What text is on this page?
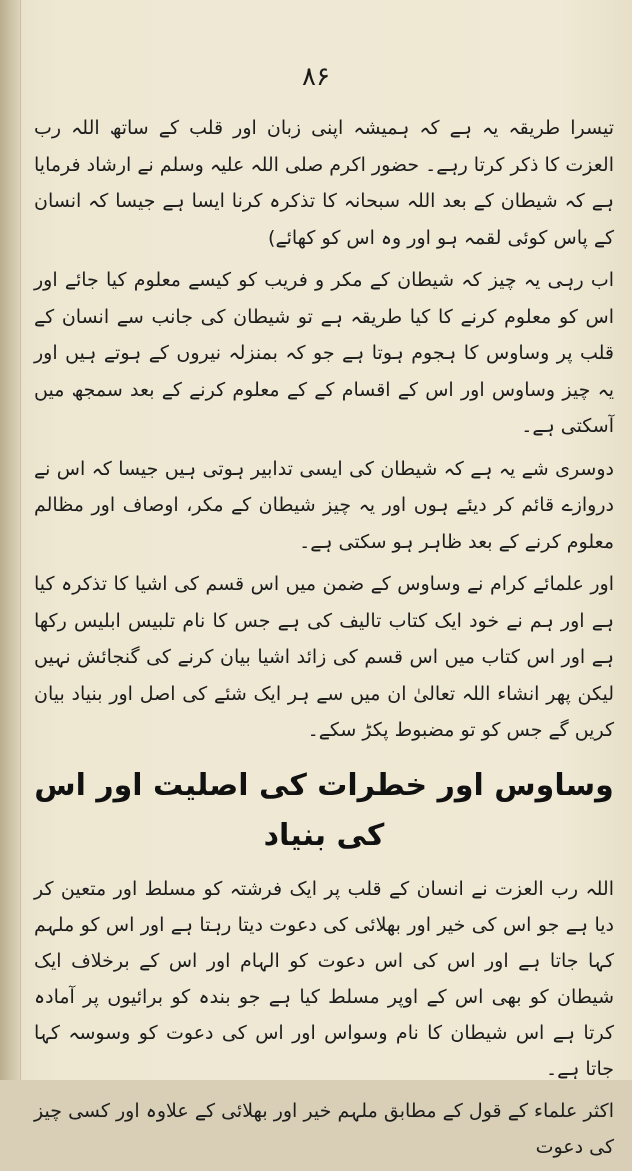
۸۶

تیسرا طریقہ یہ ہے کہ ہمیشہ اپنی زبان اور قلب کے ساتھ اللہ رب العزت کا ذکر کرتا رہے۔ حضور اکرم صلی اللہ علیہ وسلم نے ارشاد فرمایا ہے کہ شیطان کے بعد اللہ سبحانہ کا تذکرہ کرنا ایسا ہے جیسا کہ انسان کے پاس کوئی لقمہ ہو اور وہ اس کو کھائے)

اب رہی یہ چیز کہ شیطان کے مکر و فریب کو کیسے معلوم کیا جائے اور اس کو معلوم کرنے کا کیا طریقہ ہے تو شیطان کی جانب سے انسان کے قلب پر وساوس کا ہجوم ہوتا ہے جو کہ بمنزلہ نیروں کے ہوتے ہیں اور یہ چیز وساوس اور اس کے اقسام کے کے معلوم کرنے کے بعد سمجھ میں آسکتی ہے۔

دوسری شے یہ ہے کہ شیطان کی ایسی تدابیر ہوتی ہیں جیسا کہ اس نے دروازے قائم کر دیئے ہوں اور یہ چیز شیطان کے مکر، اوصاف اور مظالم معلوم کرنے کے بعد ظاہر ہو سکتی ہے۔

اور علمائے کرام نے وساوس کے ضمن میں اس قسم کی اشیا کا تذکرہ کیا ہے اور ہم نے خود ایک کتاب تالیف کی ہے جس کا نام تلبیس ابلیس رکھا ہے اور اس کتاب میں اس قسم کی زائد اشیا بیان کرنے کی گنجائش نہیں لیکن پھر انشاء اللہ تعالیٰ ان میں سے ہر ایک شئے کی اصل اور بنیاد بیان کریں گے جس کو تو مضبوط پکڑ سکے۔

وساوس اور خطرات کی اصلیت اور اس کی بنیاد

اللہ رب العزت نے انسان کے قلب پر ایک فرشتہ کو مسلط اور متعین کر دیا ہے جو اس کی خیر اور بھلائی کی دعوت دیتا رہتا ہے اور اس کو ملہم کہا جاتا ہے اور اس کی اس دعوت کو الہام اور اس کے برخلاف ایک شیطان کو بھی اس کے اوپر مسلط کیا ہے جو بندہ کو برائیوں پر آمادہ کرتا ہے اس شیطان کا نام وسواس اور اس کی دعوت کو وسوسہ کہا جاتا ہے۔

اکثر علماء کے قول کے مطابق ملہم خیر اور بھلائی کے علاوہ اور کسی چیز کی دعوت
